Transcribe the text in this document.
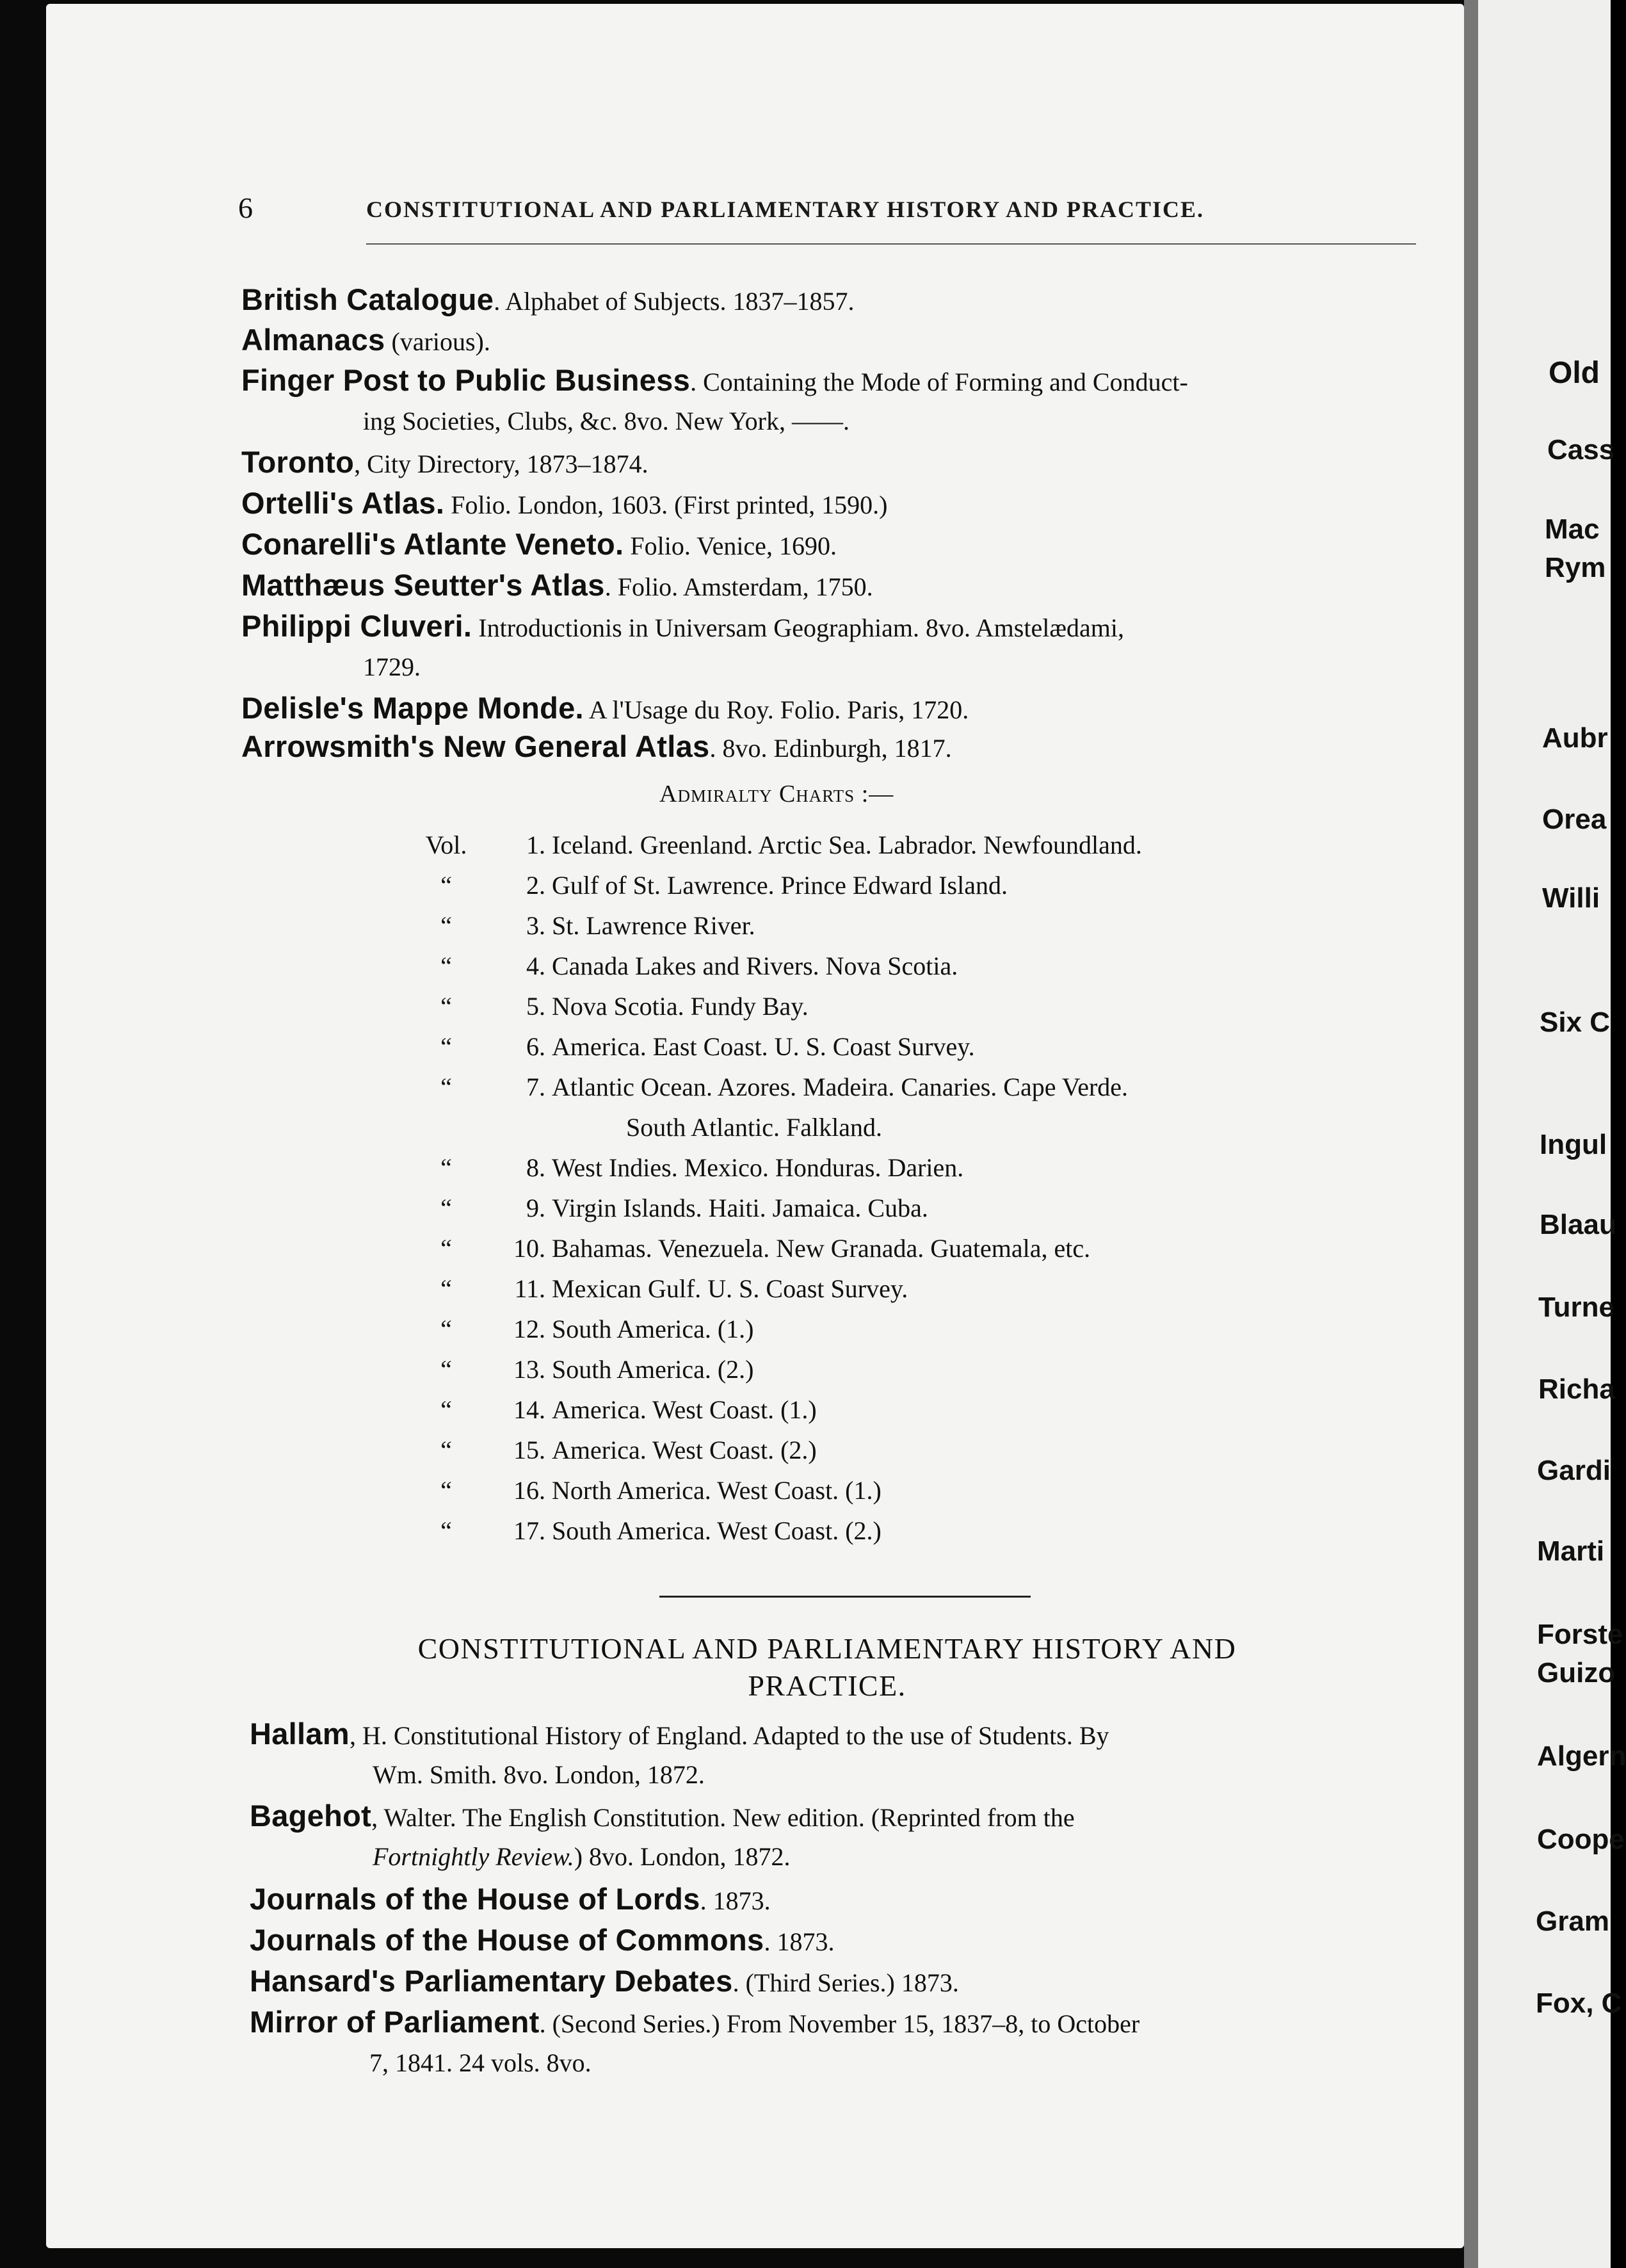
6	CONSTITUTIONAL AND PARLIAMENTARY HISTORY AND PRACTICE.
British Catalogue. Alphabet of Subjects. 1837–1857.
Almanacs (various).
Finger Post to Public Business. Containing the Mode of Forming and Conduct-
ing Societies, Clubs, &c. 8vo. New York, ——.
Toronto, City Directory, 1873–1874.
Ortelli's Atlas. Folio. London, 1603. (First printed, 1590.)
Conarelli's Atlante Veneto. Folio. Venice, 1690.
Matthæus Seutter's Atlas. Folio. Amsterdam, 1750.
Philippi Cluveri. Introductionis in Universam Geographiam. 8vo. Amstelædami,
1729.
Delisle's Mappe Monde. A l'Usage du Roy. Folio. Paris, 1720.
Arrowsmith's New General Atlas. 8vo. Edinburgh, 1817.
Admiralty Charts :—
Vol.	1. Iceland. Greenland. Arctic Sea. Labrador. Newfoundland.
“	2. Gulf of St. Lawrence. Prince Edward Island.
“	3. St. Lawrence River.
“	4. Canada Lakes and Rivers. Nova Scotia.
“	5. Nova Scotia. Fundy Bay.
“	6. America. East Coast. U. S. Coast Survey.
“	7. Atlantic Ocean. Azores. Madeira. Canaries. Cape Verde.
South Atlantic. Falkland.
“	8. West Indies. Mexico. Honduras. Darien.
“	9. Virgin Islands. Haiti. Jamaica. Cuba.
“	10. Bahamas. Venezuela. New Granada. Guatemala, etc.
“	11. Mexican Gulf. U. S. Coast Survey.
“	12. South America. (1.)
“	13. South America. (2.)
“	14. America. West Coast. (1.)
“	15. America. West Coast. (2.)
“	16. North America. West Coast. (1.)
“	17. South America. West Coast. (2.)
CONSTITUTIONAL AND PARLIAMENTARY HISTORY AND
PRACTICE.
Hallam, H. Constitutional History of England. Adapted to the use of Students. By
Wm. Smith. 8vo. London, 1872.
Bagehot, Walter. The English Constitution. New edition. (Reprinted from the
Fortnightly Review.) 8vo. London, 1872.
Journals of the House of Lords. 1873.
Journals of the House of Commons. 1873.
Hansard's Parliamentary Debates. (Third Series.) 1873.
Mirror of Parliament. (Second Series.) From November 15, 1837–8, to October
7, 1841. 24 vols. 8vo.
Old
Cass
Mac
Rym
Aubr
Orea
Willi
Six C
Ingul
Blaau
Turne
Richa
Gardi
Marti
Forste
Guizo
Algern
Coope
Gram
Fox, C
